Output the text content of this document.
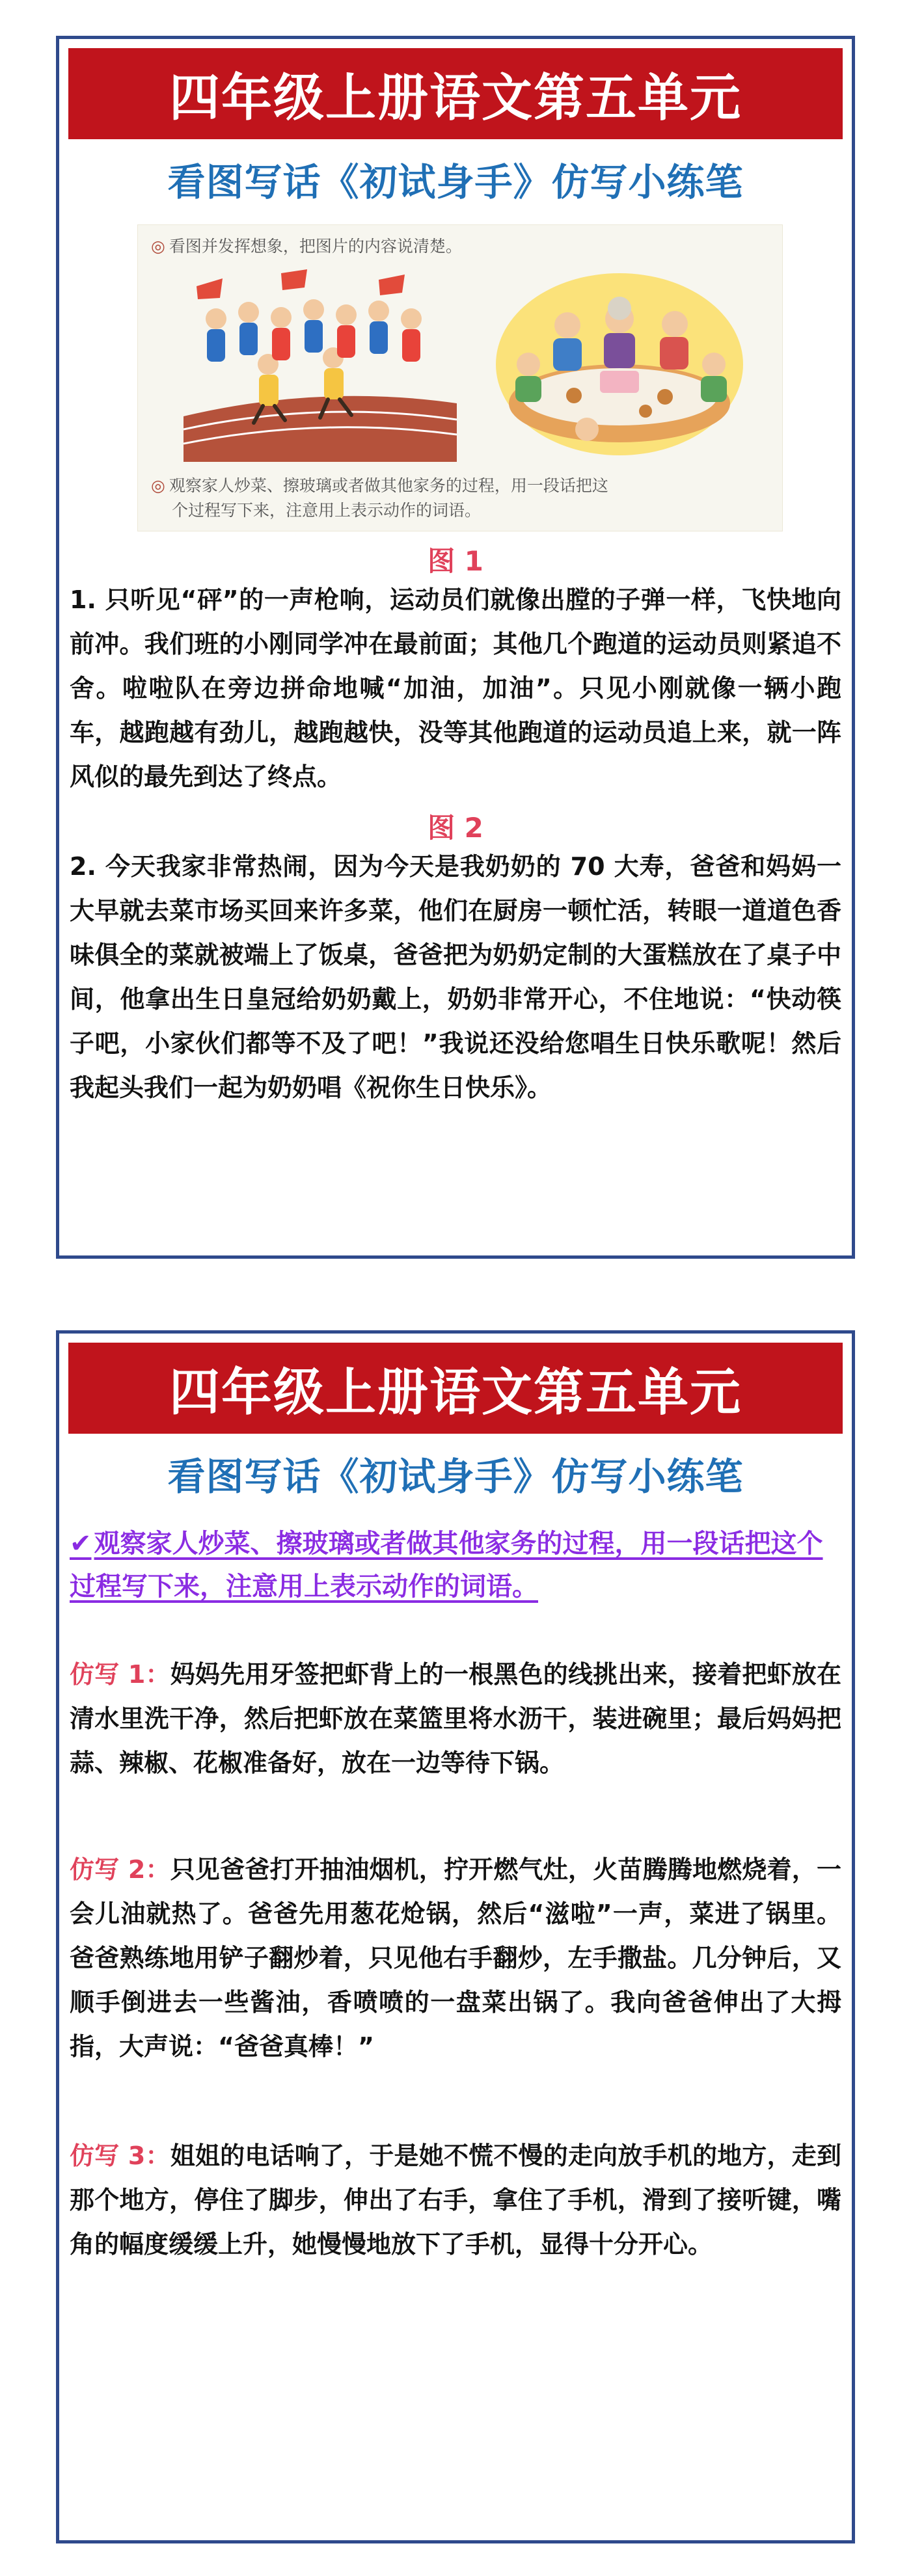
四年级上册语文第五单元
看图写话《初试身手》仿写小练笔
◎ 看图并发挥想象，把图片的内容说清楚。
◎ 观察家人炒菜、擦玻璃或者做其他家务的过程，用一段话把这
个过程写下来，注意用上表示动作的词语。
图 1
1. 只听见“砰”的一声枪响，运动员们就像出膛的子弹一样，飞快地向前冲。我们班的小刚同学冲在最前面；其他几个跑道的运动员则紧追不舍。啦啦队在旁边拼命地喊“加油，加油”。只见小刚就像一辆小跑车，越跑越有劲儿，越跑越快，没等其他跑道的运动员追上来，就一阵风似的最先到达了终点。
图 2
2. 今天我家非常热闹，因为今天是我奶奶的 70 大寿，爸爸和妈妈一大早就去菜市场买回来许多菜，他们在厨房一顿忙活，转眼一道道色香味俱全的菜就被端上了饭桌，爸爸把为奶奶定制的大蛋糕放在了桌子中间，他拿出生日皇冠给奶奶戴上，奶奶非常开心，不住地说：“快动筷子吧，小家伙们都等不及了吧！”我说还没给您唱生日快乐歌呢！然后我起头我们一起为奶奶唱《祝你生日快乐》。
四年级上册语文第五单元
看图写话《初试身手》仿写小练笔
✔ 观察家人炒菜、擦玻璃或者做其他家务的过程，用一段话把这个过程写下来，注意用上表示动作的词语。
仿写 1：妈妈先用牙签把虾背上的一根黑色的线挑出来，接着把虾放在清水里洗干净，然后把虾放在菜篮里将水沥干，装进碗里；最后妈妈把蒜、辣椒、花椒准备好，放在一边等待下锅。
仿写 2：只见爸爸打开抽油烟机，拧开燃气灶，火苗腾腾地燃烧着，一会儿油就热了。爸爸先用葱花炝锅，然后“滋啦”一声，菜进了锅里。爸爸熟练地用铲子翻炒着，只见他右手翻炒，左手撒盐。几分钟后，又顺手倒进去一些酱油，香喷喷的一盘菜出锅了。我向爸爸伸出了大拇指，大声说：“爸爸真棒！”
仿写 3：姐姐的电话响了，于是她不慌不慢的走向放手机的地方，走到那个地方，停住了脚步，伸出了右手，拿住了手机，滑到了接听键，嘴角的幅度缓缓上升，她慢慢地放下了手机，显得十分开心。
